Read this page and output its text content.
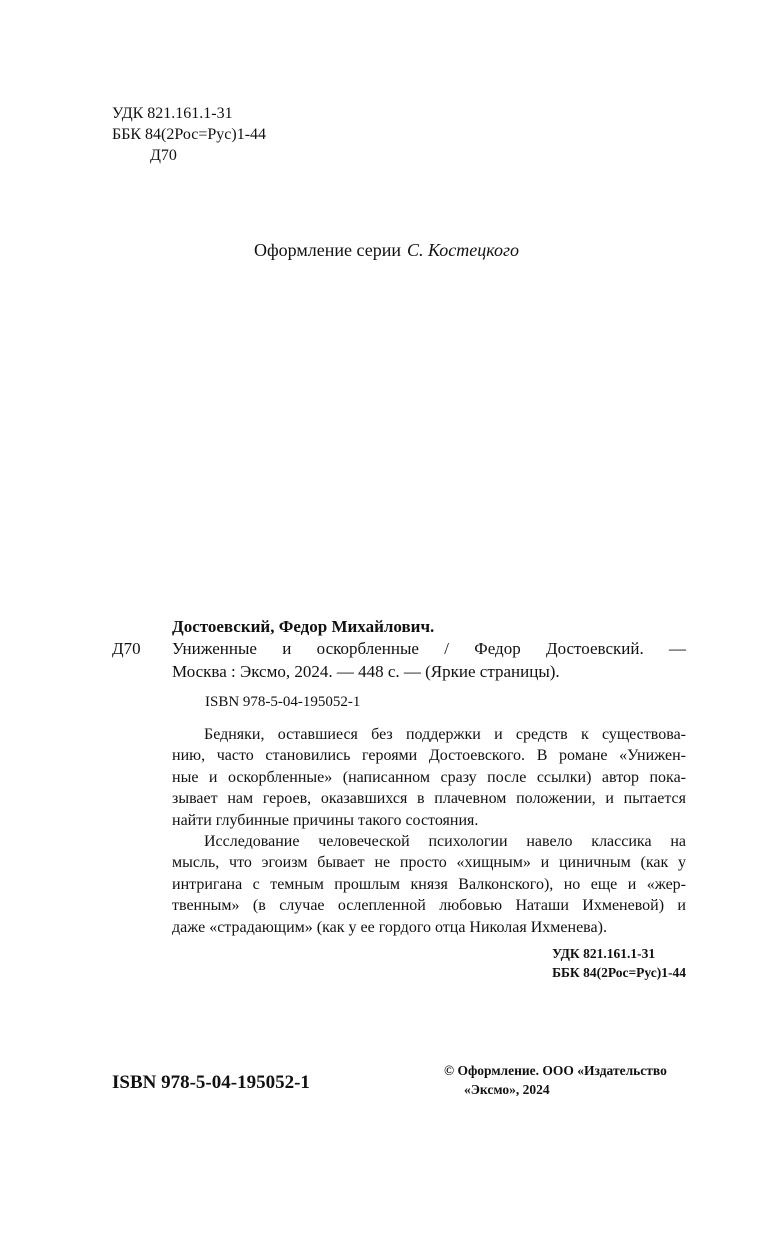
УДК 821.161.1-31
ББК 84(2Рос=Рус)1-44
Д70
Оформление серии С. Костецкого
Достоевский, Федор Михайлович.
Д70 Униженные и оскорбленные / Федор Достоевский. —
Москва : Эксмо, 2024. — 448 с. — (Яркие страницы).
ISBN 978-5-04-195052-1
Бедняки, оставшиеся без поддержки и средств к существова-
нию, часто становились героями Достоевского. В романе «Унижен-
ные и оскорбленные» (написанном сразу после ссылки) автор пока-
зывает нам героев, оказавшихся в плачевном положении, и пытается
найти глубинные причины такого состояния.
Исследование человеческой психологии навело классика на
мысль, что эгоизм бывает не просто «хищным» и циничным (как у
интригана с темным прошлым князя Валконского), но еще и «жер-
твенным» (в случае ослепленной любовью Наташи Ихменевой) и
даже «страдающим» (как у ее гордого отца Николая Ихменева).
УДК 821.161.1-31
ББК 84(2Рос=Рус)1-44
ISBN 978-5-04-195052-1
© Оформление. ООО «Издательство
«Эксмо», 2024
